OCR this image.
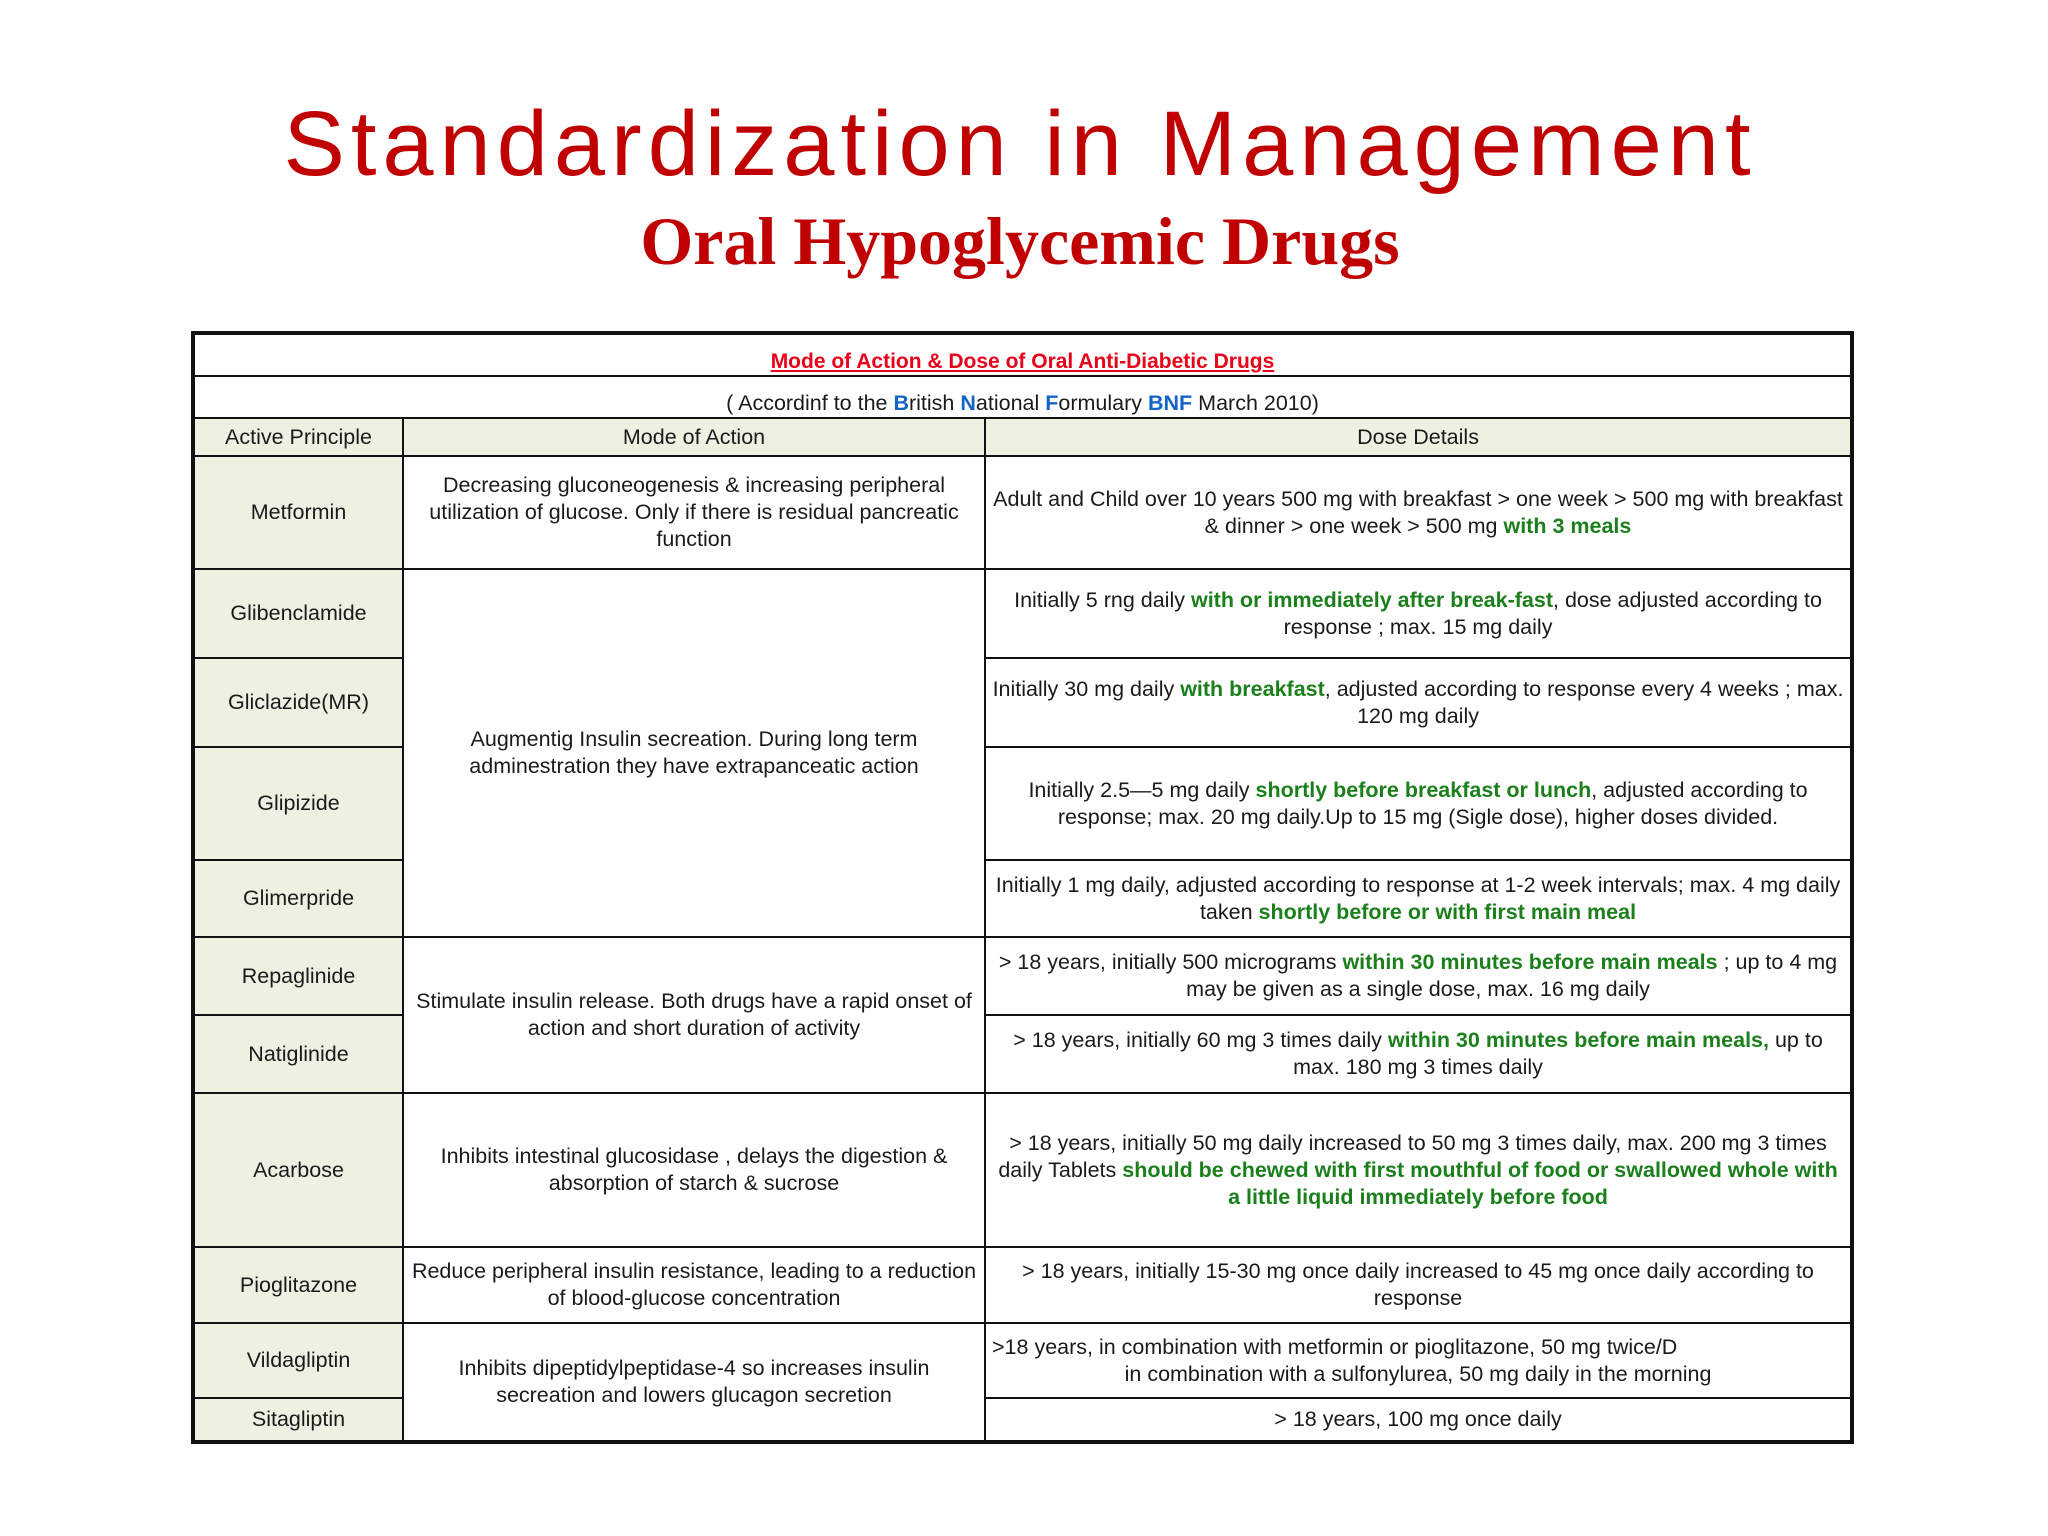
Standardization in Management
Oral Hypoglycemic Drugs
Mode of Action & Dose of Oral Anti-Diabetic Drugs		
( Accordinf to the British National Formulary BNF March 2010)		
Active Principle	Mode of Action	Dose Details
Metformin	Decreasing gluconeogenesis & increasing peripheral utilization of glucose. Only if there is residual pancreatic function	Adult and Child over 10 years 500 mg with breakfast > one week > 500 mg with breakfast & dinner > one week > 500 mg with 3 meals
Glibenclamide	Augmentig Insulin secreation. During long term adminestration they have extrapanceatic action	Initially 5 rng daily with or immediately after break-fast, dose adjusted according to response ; max. 15 mg daily
Gliclazide(MR)		Initially 30 mg daily with breakfast, adjusted according to response every 4 weeks ; max. 120 mg daily
Glipizide		Initially 2.5—5 mg daily shortly before breakfast or lunch, adjusted according to response; max. 20 mg daily.Up to 15 mg (Sigle dose), higher doses divided.
Glimerpride		Initially 1 mg daily, adjusted according to response at 1-2 week intervals; max. 4 mg daily taken shortly before or with first main meal
Repaglinide	Stimulate insulin release. Both drugs have a rapid onset of action and short duration of activity	> 18 years, initially 500 micrograms within 30 minutes before main meals ; up to 4 mg may be given as a single dose, max. 16 mg daily
Natiglinide		> 18 years, initially 60 mg 3 times daily within 30 minutes before main meals, up to max. 180 mg 3 times daily
Acarbose	Inhibits intestinal glucosidase , delays the digestion & absorption of starch & sucrose	> 18 years, initially 50 mg daily increased to 50 mg 3 times daily, max. 200 mg 3 times daily Tablets should be chewed with first mouthful of food or swallowed whole with a little liquid immediately before food
Pioglitazone	Reduce peripheral insulin resistance, leading to a reduction of blood-glucose concentration	> 18 years, initially 15-30 mg once daily increased to 45 mg once daily according to response
Vildagliptin	Inhibits dipeptidylpeptidase-4 so increases insulin secreation and lowers glucagon secretion	>18 years, in combination with metformin or pioglitazone, 50 mg twice/D
in combination with a sulfonylurea, 50 mg daily in the morning

Sitagliptin		> 18 years, 100 mg once daily
